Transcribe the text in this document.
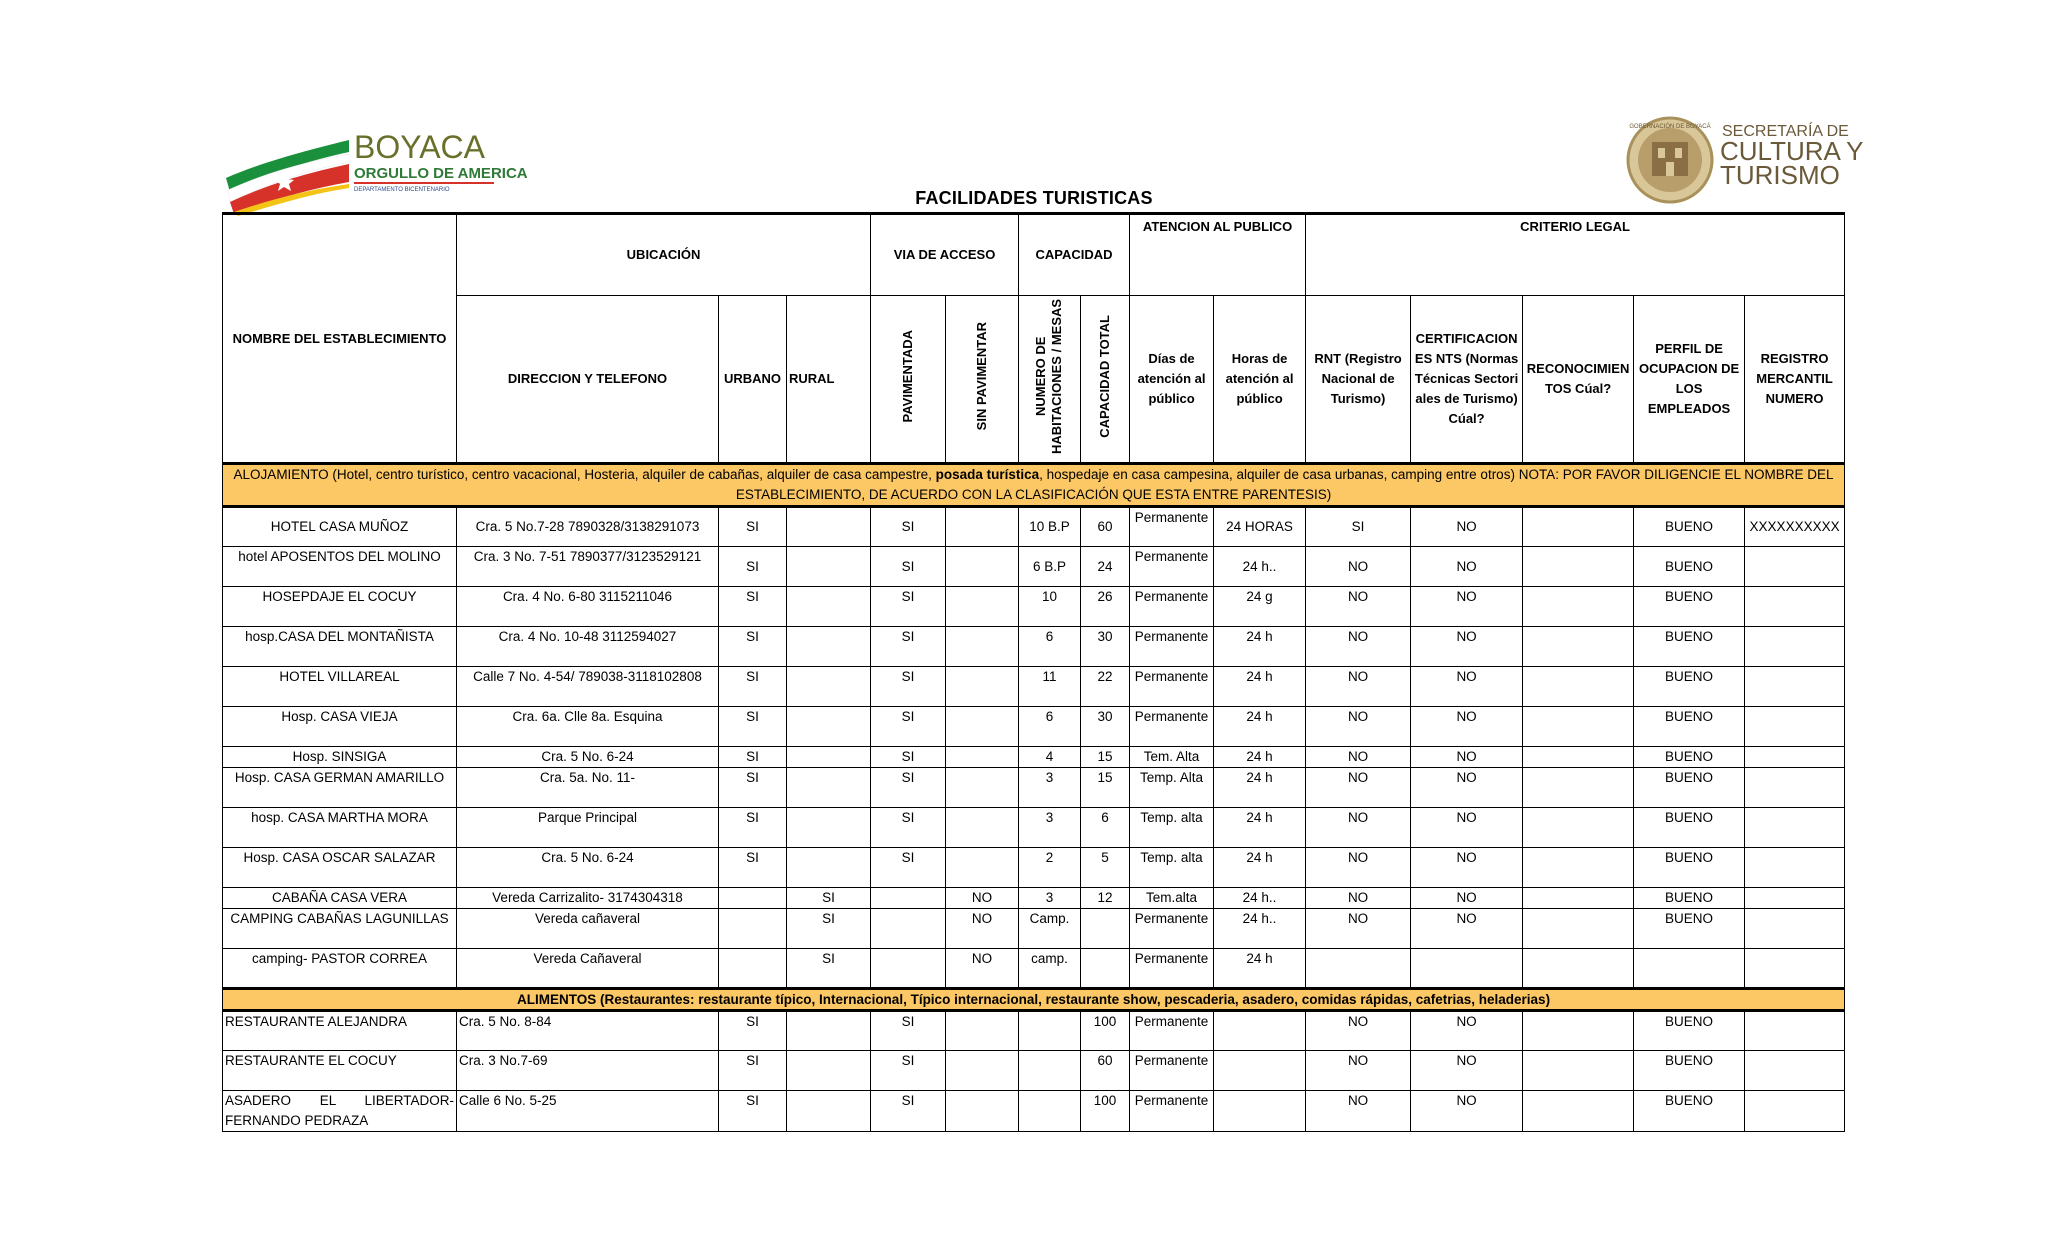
BOYACA
ORGULLO DE AMERICA
DEPARTAMENTO BICENTENARIO
GOBERNACIÓN DE BOYACÁ SECRETARÍA DE
CULTURA Y
TURISMO
FACILIDADES TURISTICAS
NOMBRE DEL ESTABLECIMIENTO	UBICACIÓN			VIA DE ACCESO		CAPACIDAD		ATENCION AL PUBLICO		CRITERIO LEGAL				
	DIRECCION Y TELEFONO	URBANO	RURAL	PAVIMENTADA	SIN PAVIMENTAR	NUMERO DE HABITACIONES / MESAS	CAPACIDAD TOTAL	Días de atención al público	Horas de atención al público	RNT (Registro Nacional de Turismo)	CERTIFICACIONES NTS (Normas Técnicas Sectoriales de Turismo) Cúal?	RECONOCIMIENTOS Cúal?	PERFIL DE OCUPACION DE LOS EMPLEADOS	REGISTRO MERCANTIL NUMERO
ALOJAMIENTO (Hotel, centro turístico, centro vacacional, Hosteria, alquiler de cabañas, alquiler de casa campestre, posada turística, hospedaje en casa campesina, alquiler de casa urbanas, camping entre otros) NOTA: POR FAVOR DILIGENCIE EL NOMBRE DEL ESTABLECIMIENTO, DE ACUERDO CON LA CLASIFICACIÓN QUE ESTA ENTRE PARENTESIS)														
HOTEL CASA MUÑOZ	Cra. 5 No.7-28 7890328/3138291073	SI		SI		10 B.P	60	Permanente	24 HORAS	SI	NO		BUENO	XXXXXXXXXX
hotel APOSENTOS DEL MOLINO	Cra. 3 No. 7-51 7890377/3123529121	SI		SI		6 B.P	24	Permanente	24 h..	NO	NO		BUENO	
HOSEPDAJE EL COCUY	Cra. 4 No. 6-80 3115211046	SI		SI		10	26	Permanente	24 g	NO	NO		BUENO	
hosp.CASA DEL MONTAÑISTA	Cra. 4 No. 10-48 3112594027	SI		SI		6	30	Permanente	24 h	NO	NO		BUENO	
HOTEL VILLAREAL	Calle 7 No. 4-54/ 789038-3118102808	SI		SI		11	22	Permanente	24 h	NO	NO		BUENO	
Hosp. CASA VIEJA	Cra. 6a. Clle 8a. Esquina	SI		SI		6	30	Permanente	24 h	NO	NO		BUENO	
Hosp. SINSIGA	Cra. 5 No. 6-24	SI		SI		4	15	Tem. Alta	24 h	NO	NO		BUENO	
Hosp. CASA GERMAN AMARILLO	Cra. 5a. No. 11-	SI		SI		3	15	Temp. Alta	24 h	NO	NO		BUENO	
hosp. CASA MARTHA MORA	Parque Principal	SI		SI		3	6	Temp. alta	24 h	NO	NO		BUENO	
Hosp. CASA OSCAR SALAZAR	Cra. 5 No. 6-24	SI		SI		2	5	Temp. alta	24 h	NO	NO		BUENO	
CABAÑA CASA VERA	Vereda Carrizalito- 3174304318		SI		NO	3	12	Tem.alta	24 h..	NO	NO		BUENO	
CAMPING CABAÑAS LAGUNILLAS	Vereda cañaveral		SI		NO	Camp.		Permanente	24 h..	NO	NO		BUENO	
camping- PASTOR CORREA	Vereda Cañaveral		SI		NO	camp.		Permanente	24 h					
ALIMENTOS (Restaurantes: restaurante típico, Internacional, Típico internacional, restaurante show, pescaderia, asadero, comidas rápidas, cafetrias, heladerias)														
RESTAURANTE ALEJANDRA	Cra. 5 No. 8-84	SI		SI			100	Permanente		NO	NO		BUENO	
RESTAURANTE EL COCUY	Cra. 3 No.7-69	SI		SI			60	Permanente		NO	NO		BUENO	
ASADERO EL LIBERTADOR- FERNANDO PEDRAZA	Calle 6 No. 5-25	SI		SI			100	Permanente		NO	NO		BUENO	
